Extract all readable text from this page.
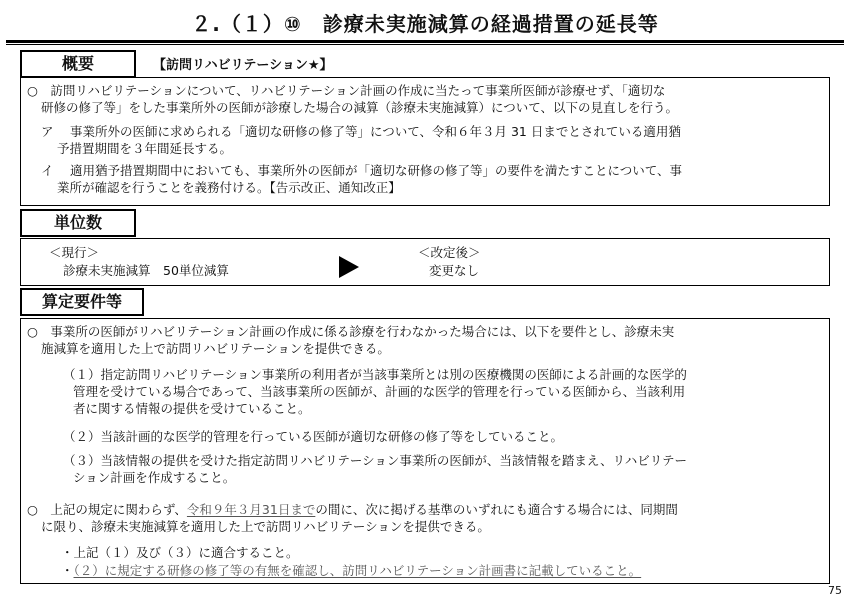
２.（１）⑩　診療未実施減算の経過措置の延長等
概要	【訪問リハビリテーション★】
○　訪問リハビリテーションについて、リハビリテーション計画の作成に当たって事業所医師が診療せず、「適切な
研修の修了等」をした事業所外の医師が診療した場合の減算（診療未実施減算）について、以下の見直しを行う。
ア　 事業所外の医師に求められる「適切な研修の修了等」について、令和６年３月 31 日までとされている適用猶
予措置期間を３年間延長する。
イ　 適用猶予措置期間中においても、事業所外の医師が「適切な研修の修了等」の要件を満たすことについて、事
業所が確認を行うことを義務付ける。【告示改正、通知改正】
単位数
＜現行＞
診療未実施減算　50単位減算
＜改定後＞
変更なし
算定要件等
○　事業所の医師がリハビリテーション計画の作成に係る診療を行わなかった場合には、以下を要件とし、診療未実
施減算を適用した上で訪問リハビリテーションを提供できる。
（１）指定訪問リハビリテーション事業所の利用者が当該事業所とは別の医療機関の医師による計画的な医学的
管理を受けている場合であって、当該事業所の医師が、計画的な医学的管理を行っている医師から、当該利用
者に関する情報の提供を受けていること。
（２）当該計画的な医学的管理を行っている医師が適切な研修の修了等をしていること。
（３）当該情報の提供を受けた指定訪問リハビリテーション事業所の医師が、当該情報を踏まえ、リハビリテー
ション計画を作成すること。
○　上記の規定に関わらず、令和９年３月31日までの間に、次に掲げる基準のいずれにも適合する場合には、同期間
に限り、診療未実施減算を適用した上で訪問リハビリテーションを提供できる。
・上記（１）及び（３）に適合すること。
・（２）に規定する研修の修了等の有無を確認し、訪問リハビリテーション計画書に記載していること。
75
